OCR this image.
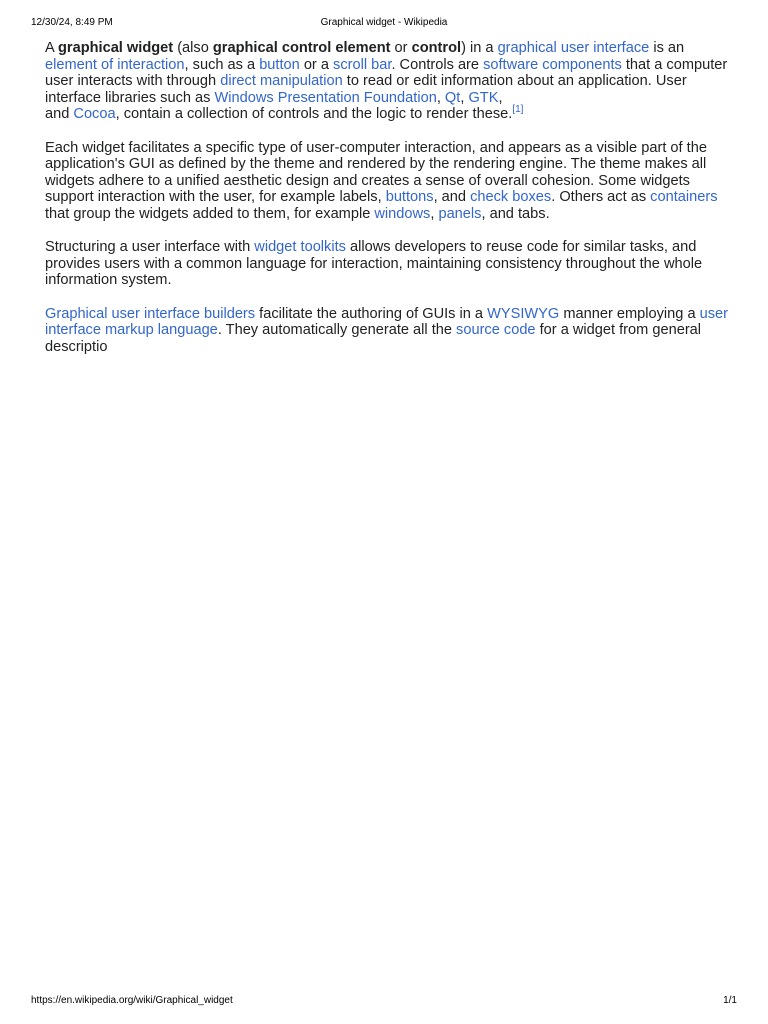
12/30/24, 8:49 PM	Graphical widget - Wikipedia

A graphical widget (also graphical control element or control) in a graphical user interface is an element of interaction, such as a button or a scroll bar. Controls are software components that a computer user interacts with through direct manipulation to read or edit information about an application. User interface libraries such as Windows Presentation Foundation, Qt, GTK,
and Cocoa, contain a collection of controls and the logic to render these.[1]

Each widget facilitates a specific type of user-computer interaction, and appears as a visible part of the application's GUI as defined by the theme and rendered by the rendering engine. The theme makes all widgets adhere to a unified aesthetic design and creates a sense of overall cohesion. Some widgets support interaction with the user, for example labels, buttons, and check boxes. Others act as containers that group the widgets added to them, for example windows, panels, and tabs.

Structuring a user interface with widget toolkits allows developers to reuse code for similar tasks, and provides users with a common language for interaction, maintaining consistency throughout the whole information system.

Graphical user interface builders facilitate the authoring of GUIs in a WYSIWYG manner employing a user interface markup language. They automatically generate all the source code for a widget from general descriptio

https://en.wikipedia.org/wiki/Graphical_widget	1/1
